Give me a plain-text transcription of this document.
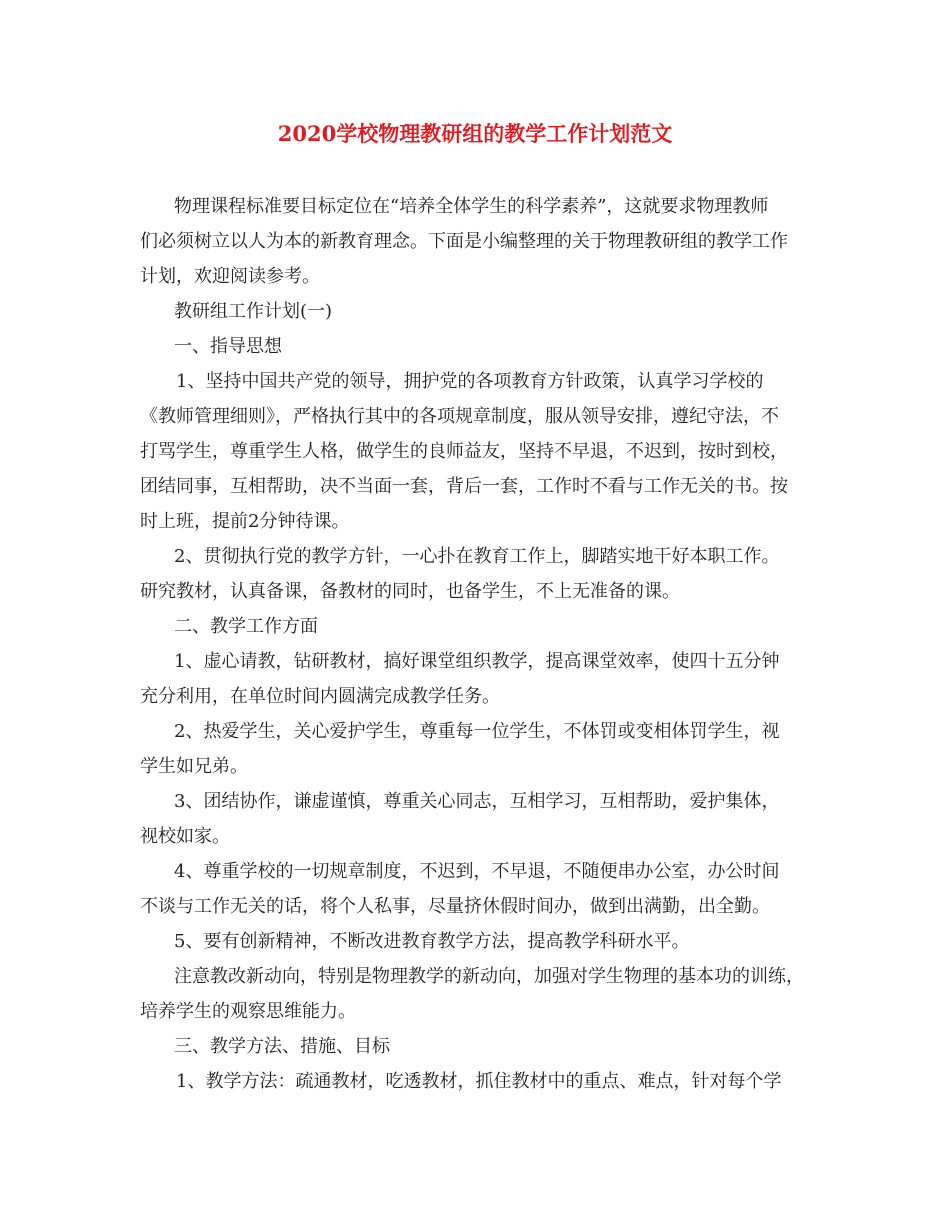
2020学校物理教研组的教学工作计划范文
物理课程标准要目标定位在“培养全体学生的科学素养”，这就要求物理教师
们必须树立以人为本的新教育理念。下面是小编整理的关于物理教研组的教学工作
计划，欢迎阅读参考。
教研组工作计划(一)
一、指导思想
1、坚持中国共产党的领导，拥护党的各项教育方针政策，认真学习学校的
《教师管理细则》，严格执行其中的各项规章制度，服从领导安排，遵纪守法，不
打骂学生，尊重学生人格，做学生的良师益友，坚持不早退，不迟到，按时到校，
团结同事，互相帮助，决不当面一套，背后一套，工作时不看与工作无关的书。按
时上班，提前2分钟待课。
2、贯彻执行党的教学方针，一心扑在教育工作上，脚踏实地干好本职工作。
研究教材，认真备课，备教材的同时，也备学生，不上无准备的课。
二、教学工作方面
1、虚心请教，钻研教材，搞好课堂组织教学，提高课堂效率，使四十五分钟
充分利用，在单位时间内圆满完成教学任务。
2、热爱学生，关心爱护学生，尊重每一位学生，不体罚或变相体罚学生，视
学生如兄弟。
3、团结协作，谦虚谨慎，尊重关心同志，互相学习，互相帮助，爱护集体，
视校如家。
4、尊重学校的一切规章制度，不迟到，不早退，不随便串办公室，办公时间
不谈与工作无关的话，将个人私事，尽量挤休假时间办，做到出满勤，出全勤。
5、要有创新精神，不断改进教育教学方法，提高教学科研水平。
注意教改新动向，特别是物理教学的新动向，加强对学生物理的基本功的训练，
培养学生的观察思维能力。
三、教学方法、措施、目标
1、教学方法：疏通教材，吃透教材，抓住教材中的重点、难点，针对每个学
